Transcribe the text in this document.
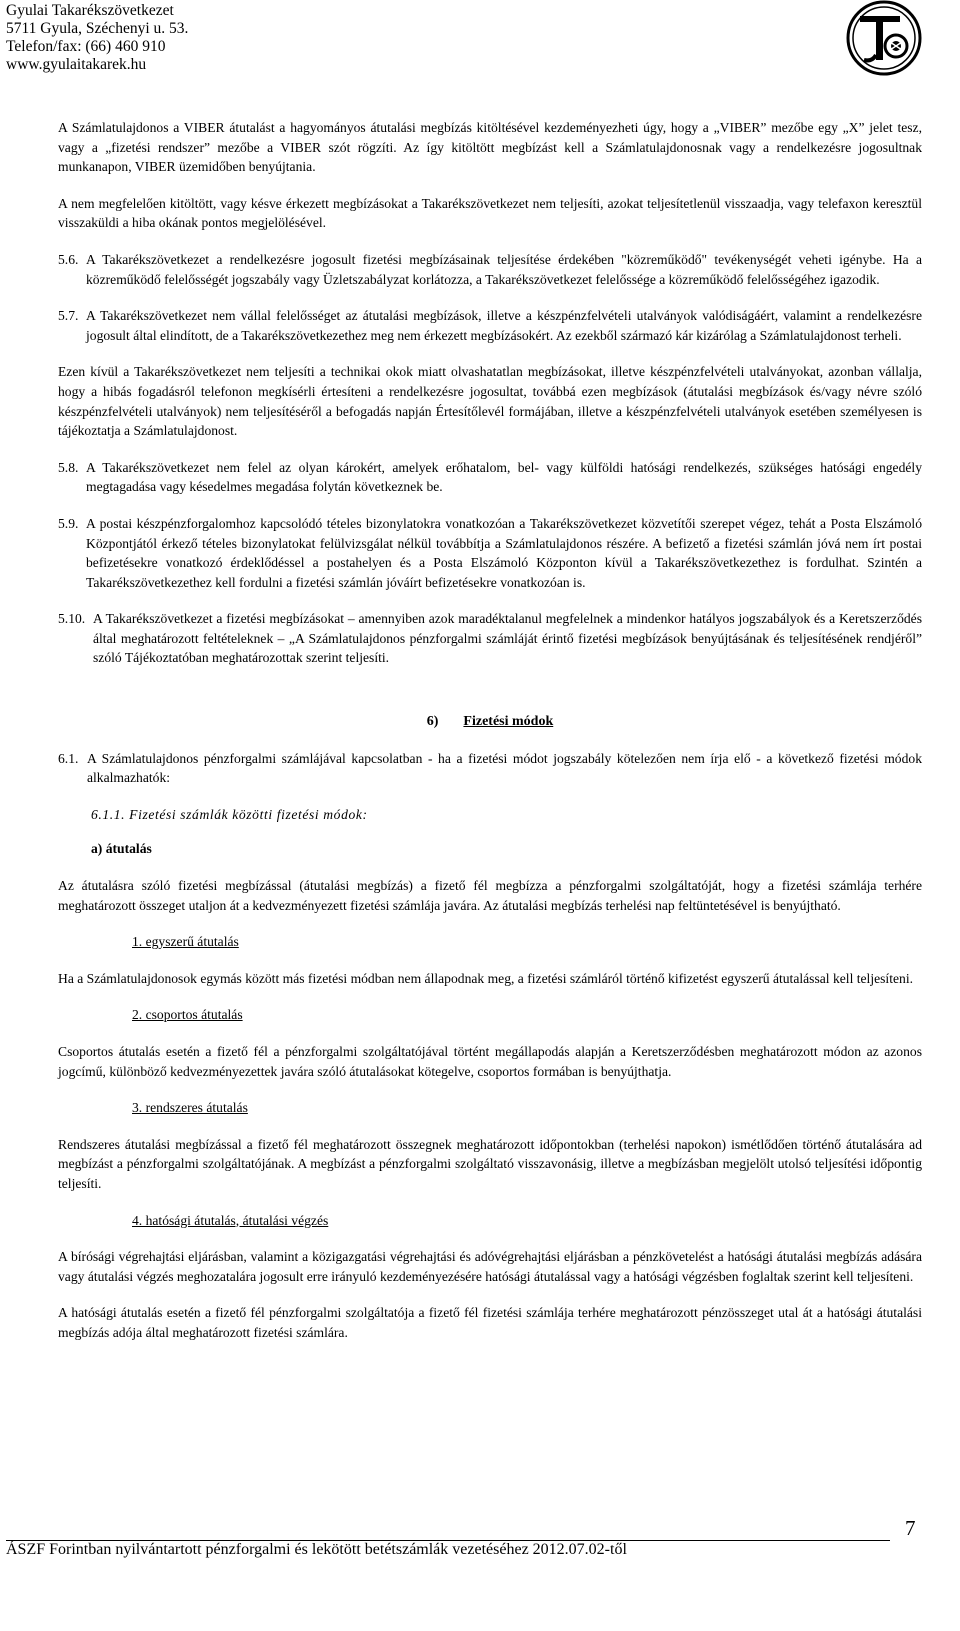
Gyulai Takarékszövetkezet
5711 Gyula, Széchenyi u. 53.
Telefon/fax: (66) 460 910
www.gyulaitakarek.hu

A Számlatulajdonos a VIBER átutalást a hagyományos átutalási megbízás kitöltésével kezdeményezheti úgy, hogy a „VIBER” mezőbe egy „X” jelet tesz, vagy a „fizetési rendszer” mezőbe a VIBER szót rögzíti. Az így kitöltött megbízást kell a Számlatulajdonosnak vagy a rendelkezésre jogosultnak munkanapon, VIBER üzemidőben benyújtania.

A nem megfelelően kitöltött, vagy késve érkezett megbízásokat a Takarékszövetkezet nem teljesíti, azokat teljesítetlenül visszaadja, vagy telefaxon keresztül visszaküldi a hiba okának pontos megjelölésével.

5.6. A Takarékszövetkezet a rendelkezésre jogosult fizetési megbízásainak teljesítése érdekében "közreműködő" tevékenységét veheti igénybe. Ha a közreműködő felelősségét jogszabály vagy Üzletszabályzat korlátozza, a Takarékszövetkezet felelőssége a közreműködő felelősségéhez igazodik.
5.7. A Takarékszövetkezet nem vállal felelősséget az átutalási megbízások, illetve a készpénzfelvételi utalványok valódiságáért, valamint a rendelkezésre jogosult által elindított, de a Takarékszövetkezethez meg nem érkezett megbízásokért. Az ezekből származó kár kizárólag a Számlatulajdonost terheli.

Ezen kívül a Takarékszövetkezet nem teljesíti a technikai okok miatt olvashatatlan megbízásokat, illetve készpénzfelvételi utalványokat, azonban vállalja, hogy a hibás fogadásról telefonon megkísérli értesíteni a rendelkezésre jogosultat, továbbá ezen megbízások (átutalási megbízások és/vagy névre szóló készpénzfelvételi utalványok) nem teljesítéséről a befogadás napján Értesítőlevél formájában, illetve a készpénzfelvételi utalványok esetében személyesen is tájékoztatja a Számlatulajdonost.

5.8. A Takarékszövetkezet nem felel az olyan károkért, amelyek erőhatalom, bel- vagy külföldi hatósági rendelkezés, szükséges hatósági engedély megtagadása vagy késedelmes megadása folytán következnek be.
5.9. A postai készpénzforgalomhoz kapcsolódó tételes bizonylatokra vonatkozóan a Takarékszövetkezet közvetítői szerepet végez, tehát a Posta Elszámoló Központjától érkező tételes bizonylatokat felülvizsgálat nélkül továbbítja a Számlatulajdonos részére. A befizető a fizetési számlán jóvá nem írt postai befizetésekre vonatkozó érdeklődéssel a postahelyen és a Posta Elszámoló Központon kívül a Takarékszövetkezethez is fordulhat. Szintén a Takarékszövetkezethez kell fordulni a fizetési számlán jóváírt befizetésekre vonatkozóan is.
5.10. A Takarékszövetkezet a fizetési megbízásokat – amennyiben azok maradéktalanul megfelelnek a mindenkor hatályos jogszabályok és a Keretszerződés által meghatározott feltételeknek – „A Számlatulajdonos pénzforgalmi számláját érintő fizetési megbízások benyújtásának és teljesítésének rendjéről” szóló Tájékoztatóban meghatározottak szerint teljesíti.
6) Fizetési módok
6.1. A Számlatulajdonos pénzforgalmi számlájával kapcsolatban - ha a fizetési módot jogszabály kötelezően nem írja elő - a következő fizetési módok alkalmazhatók:
6.1.1. Fizetési számlák közötti fizetési módok:
a) átutalás

Az átutalásra szóló fizetési megbízással (átutalási megbízás) a fizető fél megbízza a pénzforgalmi szolgáltatóját, hogy a fizetési számlája terhére meghatározott összeget utaljon át a kedvezményezett fizetési számlája javára. Az átutalási megbízás terhelési nap feltüntetésével is benyújtható.

1. egyszerű átutalás

Ha a Számlatulajdonosok egymás között más fizetési módban nem állapodnak meg, a fizetési számláról történő kifizetést egyszerű átutalással kell teljesíteni.

2. csoportos átutalás

Csoportos átutalás esetén a fizető fél a pénzforgalmi szolgáltatójával történt megállapodás alapján a Keretszerződésben meghatározott módon az azonos jogcímű, különböző kedvezményezettek javára szóló átutalásokat kötegelve, csoportos formában is benyújthatja.

3. rendszeres átutalás

Rendszeres átutalási megbízással a fizető fél meghatározott összegnek meghatározott időpontokban (terhelési napokon) ismétlődően történő átutalására ad megbízást a pénzforgalmi szolgáltatójának. A megbízást a pénzforgalmi szolgáltató visszavonásig, illetve a megbízásban megjelölt utolsó teljesítési időpontig teljesíti.

4. hatósági átutalás, átutalási végzés

A bírósági végrehajtási eljárásban, valamint a közigazgatási végrehajtási és adóvégrehajtási eljárásban a pénzkövetelést a hatósági átutalási megbízás adására vagy átutalási végzés meghozatalára jogosult erre irányuló kezdeményezésére hatósági átutalással vagy a hatósági végzésben foglaltak szerint kell teljesíteni.

A hatósági átutalás esetén a fizető fél pénzforgalmi szolgáltatója a fizető fél fizetési számlája terhére meghatározott pénzösszeget utal át a hatósági átutalási megbízás adója által meghatározott fizetési számlára.

7
ÁSZF Forintban nyilvántartott pénzforgalmi és lekötött betétszámlák vezetéséhez 2012.07.02-től
